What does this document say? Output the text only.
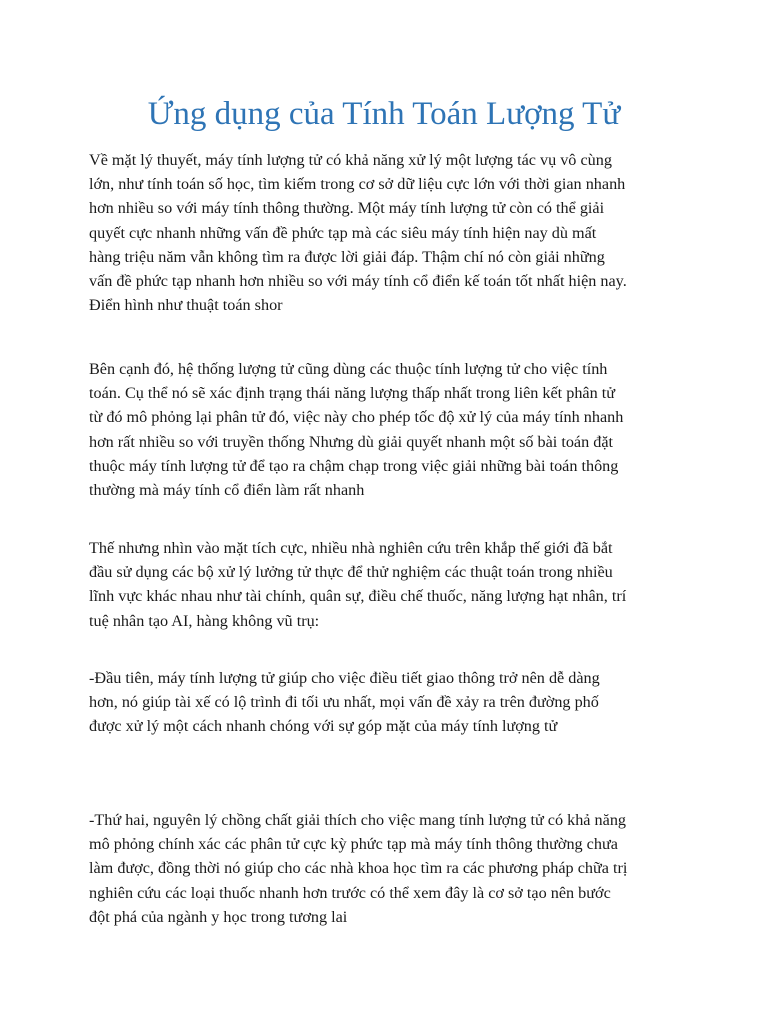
Ứng dụng của Tính Toán Lượng Tử

Về mặt lý thuyết, máy tính lượng tử có khả năng xử lý một lượng tác vụ vô cùng
lớn, như tính toán số học, tìm kiếm trong cơ sở dữ liệu cực lớn với thời gian nhanh
hơn nhiều so với máy tính thông thường. Một máy tính lượng tử còn có thể giải
quyết cực nhanh những vấn đề phức tạp mà các siêu máy tính hiện nay dù mất
hàng triệu năm vẫn không tìm ra được lời giải đáp. Thậm chí nó còn giải những
vấn đề phức tạp nhanh hơn nhiều so với máy tính cổ điển kế toán tốt nhất hiện nay.
Điển hình như thuật toán shor

Bên cạnh đó, hệ thống lượng tử cũng dùng các thuộc tính lượng tử cho việc tính
toán. Cụ thể nó sẽ xác định trạng thái năng lượng thấp nhất trong liên kết phân tử
từ đó mô phỏng lại phân tử đó, việc này cho phép tốc độ xử lý của máy tính nhanh
hơn rất nhiều so với truyền thống Nhưng dù giải quyết nhanh một số bài toán đặt
thuộc máy tính lượng tử để tạo ra chậm chạp trong việc giải những bài toán thông
thường mà máy tính cổ điển làm rất nhanh

Thế nhưng nhìn vào mặt tích cực, nhiều nhà nghiên cứu trên khắp thế giới đã bắt
đầu sử dụng các bộ xử lý lưởng tử thực để thử nghiệm các thuật toán trong nhiều
lĩnh vực khác nhau như tài chính, quân sự, điều chế thuốc, năng lượng hạt nhân, trí
tuệ nhân tạo AI, hàng không vũ trụ:

-Đầu tiên, máy tính lượng tử giúp cho việc điều tiết giao thông trở nên dễ dàng
hơn, nó giúp tài xế có lộ trình đi tối ưu nhất, mọi vấn đề xảy ra trên đường phố
được xử lý một cách nhanh chóng với sự góp mặt của máy tính lượng tử

-Thứ hai, nguyên lý chồng chất giải thích cho việc mang tính lượng tử có khả năng
mô phỏng chính xác các phân tử cực kỳ phức tạp mà máy tính thông thường chưa
làm được, đồng thời nó giúp cho các nhà khoa học tìm ra các phương pháp chữa trị
nghiên cứu các loại thuốc nhanh hơn trước có thể xem đây là cơ sở tạo nên bước
đột phá của ngành y học trong tương lai
